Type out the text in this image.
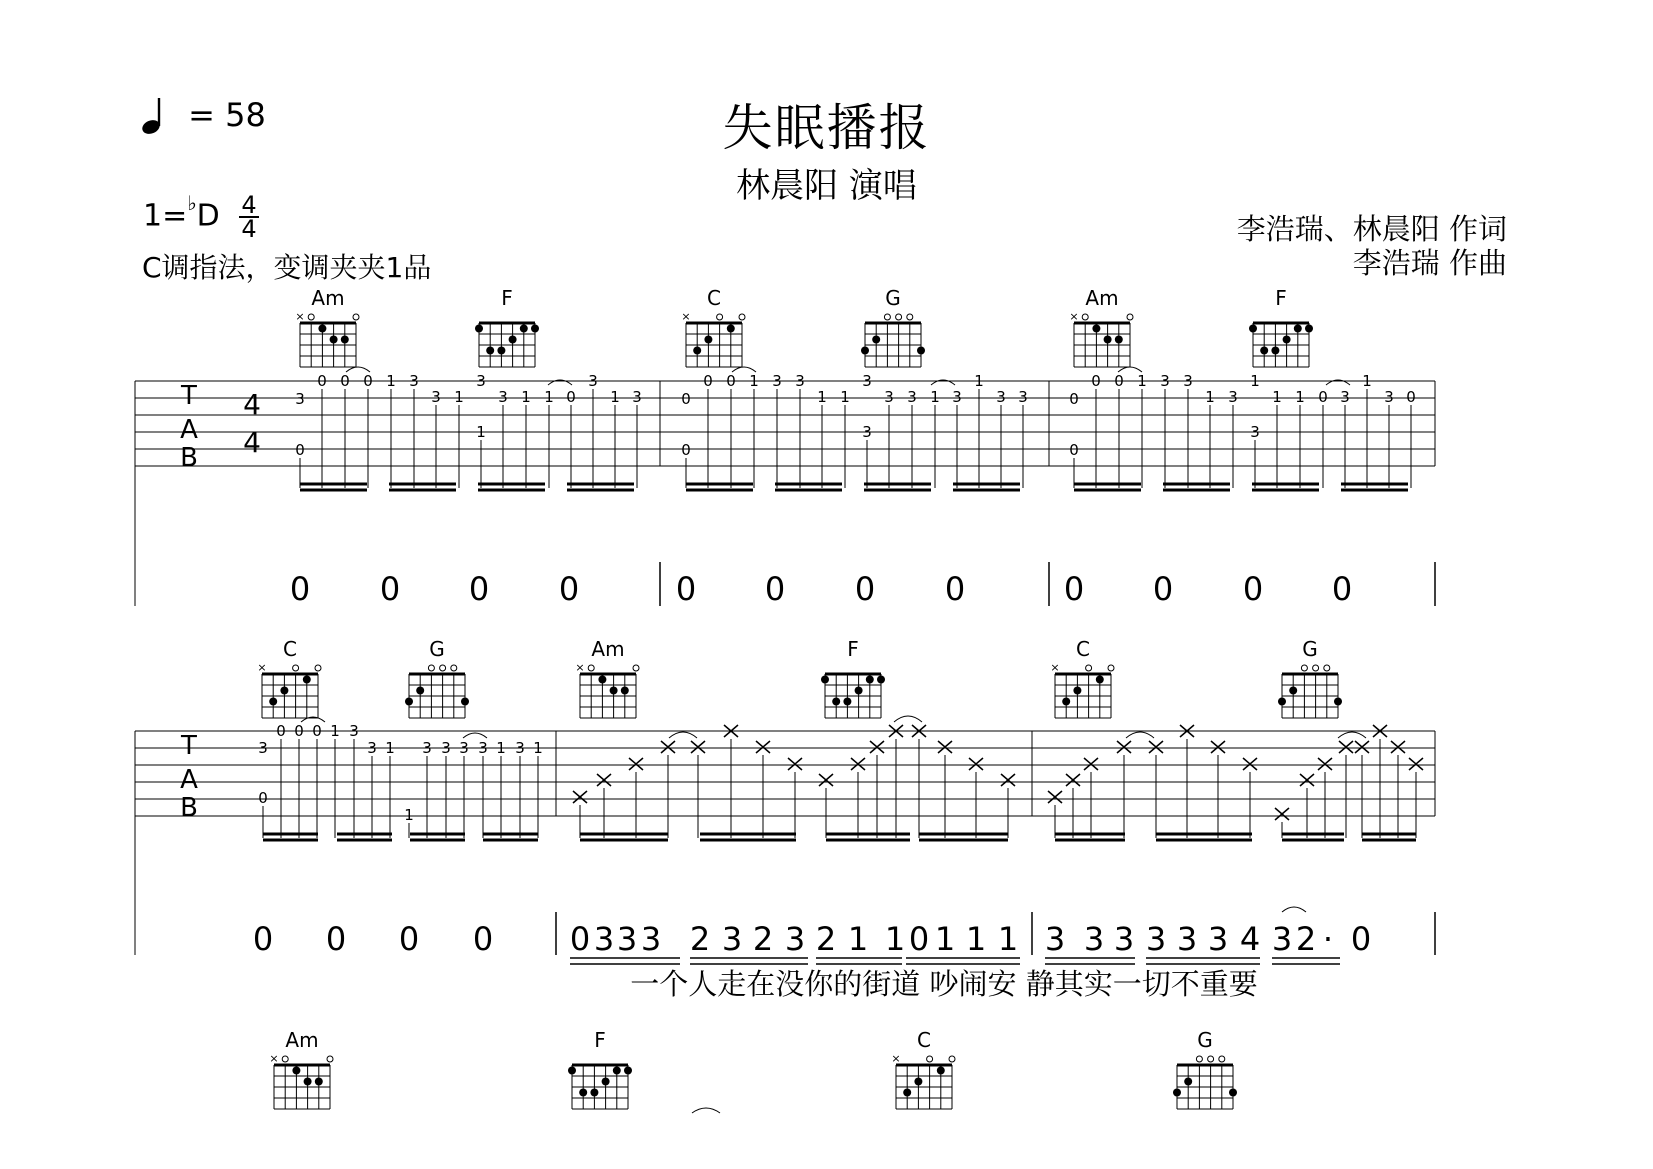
失眠播报
林晨阳 演唱
= 58
$1=^♭D \frac{4}{4}$
C调指法，变调夹夹1品
李浩瑞、林晨阳 作词
李浩瑞 作曲
Am
×
F	C
×
G	Am
×
F
T
A
B
4
4
3
0
0 0 0 1 3
3 1
3
1
3 1 1 0
3
1 3	0
0
0 0 1 3 3
1 1
3
3
3 3 1 3
1
3 3	0
0
0 0 1 3 3
1 3
1
3
1 1 0 3
1
3 0
0 0 0 0	0 0 0 0	0 0 0 0
C
×
G	Am
×
F	C
×
G
T
A
B
3
0
0 0 0 1 3
3 1
1
3 3 3 3 1 3 1
0 0 0 0 0 3 3 3 2 3 2 3 2 1 1 0 1 1 1 3 3 3 3 3 3 4 3 2 · 0
一个人走在没你的街道 吵闹安 静其实一切不重要
Am
×
F	C
×
G
